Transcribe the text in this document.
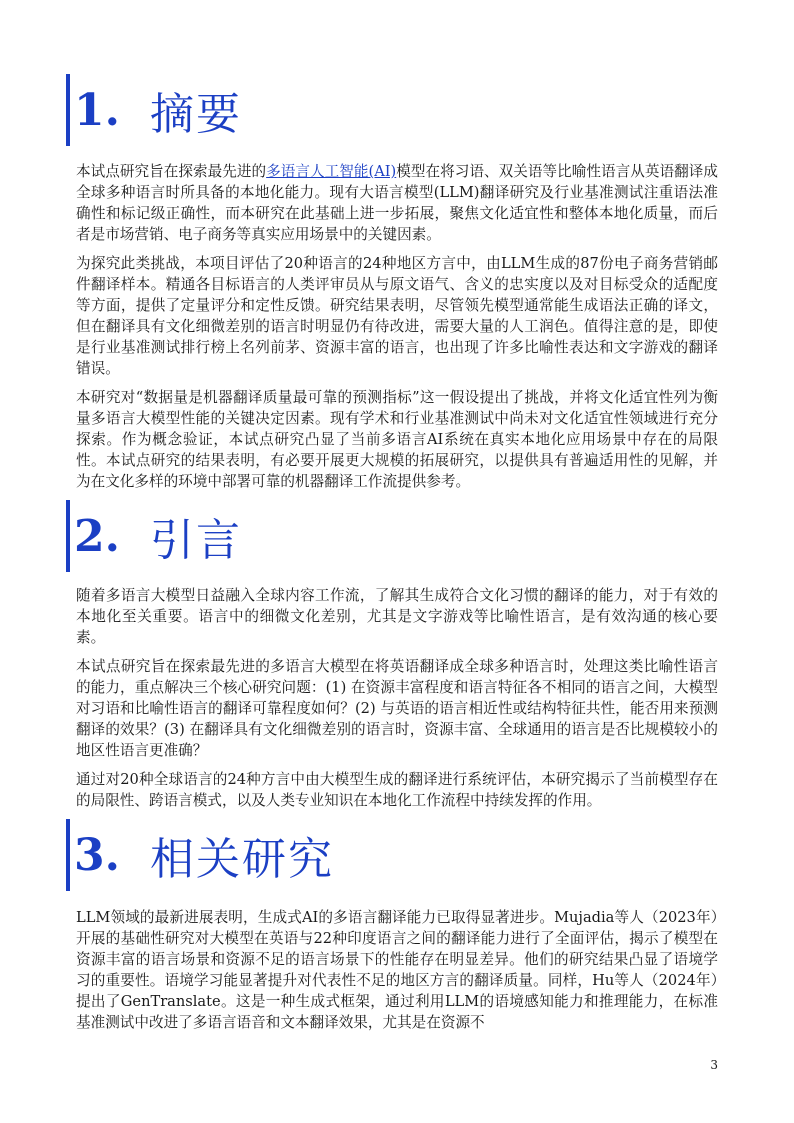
1. 摘要

本试点研究旨在探索最先进的多语言人工智能(AI)模型在将习语、双关语等比喻性语言从英语翻译成全球多种语言时所具备的本地化能力。现有大语言模型(LLM)翻译研究及行业基准测试注重语法准确性和标记级正确性，而本研究在此基础上进一步拓展，聚焦文化适宜性和整体本地化质量，而后者是市场营销、电子商务等真实应用场景中的关键因素。

为探究此类挑战，本项目评估了20种语言的24种地区方言中，由LLM生成的87份电子商务营销邮件翻译样本。精通各目标语言的人类评审员从与原文语气、含义的忠实度以及对目标受众的适配度等方面，提供了定量评分和定性反馈。研究结果表明，尽管领先模型通常能生成语法正确的译文，但在翻译具有文化细微差别的语言时明显仍有待改进，需要大量的人工润色。值得注意的是，即使是行业基准测试排行榜上名列前茅、资源丰富的语言，也出现了许多比喻性表达和文字游戏的翻译错误。

本研究对“数据量是机器翻译质量最可靠的预测指标”这一假设提出了挑战，并将文化适宜性列为衡量多语言大模型性能的关键决定因素。现有学术和行业基准测试中尚未对文化适宜性领域进行充分探索。作为概念验证，本试点研究凸显了当前多语言AI系统在真实本地化应用场景中存在的局限性。本试点研究的结果表明，有必要开展更大规模的拓展研究，以提供具有普遍适用性的见解，并为在文化多样的环境中部署可靠的机器翻译工作流提供参考。

2. 引言

随着多语言大模型日益融入全球内容工作流，了解其生成符合文化习惯的翻译的能力，对于有效的本地化至关重要。语言中的细微文化差别，尤其是文字游戏等比喻性语言，是有效沟通的核心要素。

本试点研究旨在探索最先进的多语言大模型在将英语翻译成全球多种语言时，处理这类比喻性语言的能力，重点解决三个核心研究问题：(1) 在资源丰富程度和语言特征各不相同的语言之间，大模型对习语和比喻性语言的翻译可靠程度如何？(2) 与英语的语言相近性或结构特征共性，能否用来预测翻译的效果？(3) 在翻译具有文化细微差别的语言时，资源丰富、全球通用的语言是否比规模较小的地区性语言更准确？

通过对20种全球语言的24种方言中由大模型生成的翻译进行系统评估，本研究揭示了当前模型存在的局限性、跨语言模式，以及人类专业知识在本地化工作流程中持续发挥的作用。

3. 相关研究

LLM领域的最新进展表明，生成式AI的多语言翻译能力已取得显著进步。Mujadia等人（2023年）开展的基础性研究对大模型在英语与22种印度语言之间的翻译能力进行了全面评估，揭示了模型在资源丰富的语言场景和资源不足的语言场景下的性能存在明显差异。他们的研究结果凸显了语境学习的重要性。语境学习能显著提升对代表性不足的地区方言的翻译质量。同样，Hu等人（2024年）提出了GenTranslate。这是一种生成式框架，通过利用LLM的语境感知能力和推理能力，在标准基准测试中改进了多语言语音和文本翻译效果，尤其是在资源不

3
